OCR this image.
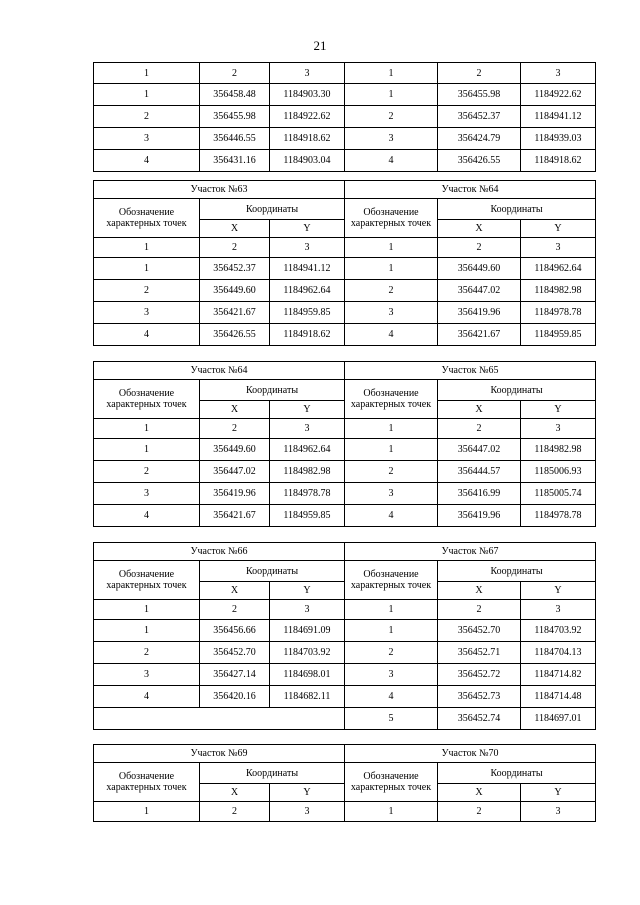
21
1	2	3	1	2	3
1	356458.48	1184903.30	1	356455.98	1184922.62
2	356455.98	1184922.62	2	356452.37	1184941.12
3	356446.55	1184918.62	3	356424.79	1184939.03
4	356431.16	1184903.04	4	356426.55	1184918.62
Участок №63			Участок №64		
Обозначение характерных точек	Координаты		Обозначение характерных точек	Координаты	
	X	Y		X	Y
1	2	3	1	2	3
1	356452.37	1184941.12	1	356449.60	1184962.64
2	356449.60	1184962.64	2	356447.02	1184982.98
3	356421.67	1184959.85	3	356419.96	1184978.78
4	356426.55	1184918.62	4	356421.67	1184959.85
Участок №64			Участок №65		
Обозначение характерных точек	Координаты		Обозначение характерных точек	Координаты	
	X	Y		X	Y
1	2	3	1	2	3
1	356449.60	1184962.64	1	356447.02	1184982.98
2	356447.02	1184982.98	2	356444.57	1185006.93
3	356419.96	1184978.78	3	356416.99	1185005.74
4	356421.67	1184959.85	4	356419.96	1184978.78
Участок №66			Участок №67		
Обозначение характерных точек	Координаты		Обозначение характерных точек	Координаты	
	X	Y		X	Y
1	2	3	1	2	3
1	356456.66	1184691.09	1	356452.70	1184703.92
2	356452.70	1184703.92	2	356452.71	1184704.13
3	356427.14	1184698.01	3	356452.72	1184714.82
4	356420.16	1184682.11	4	356452.73	1184714.48
			5	356452.74	1184697.01
Участок №69			Участок №70		
Обозначение характерных точек	Координаты		Обозначение характерных точек	Координаты	
	X	Y		X	Y
1	2	3	1	2	3
